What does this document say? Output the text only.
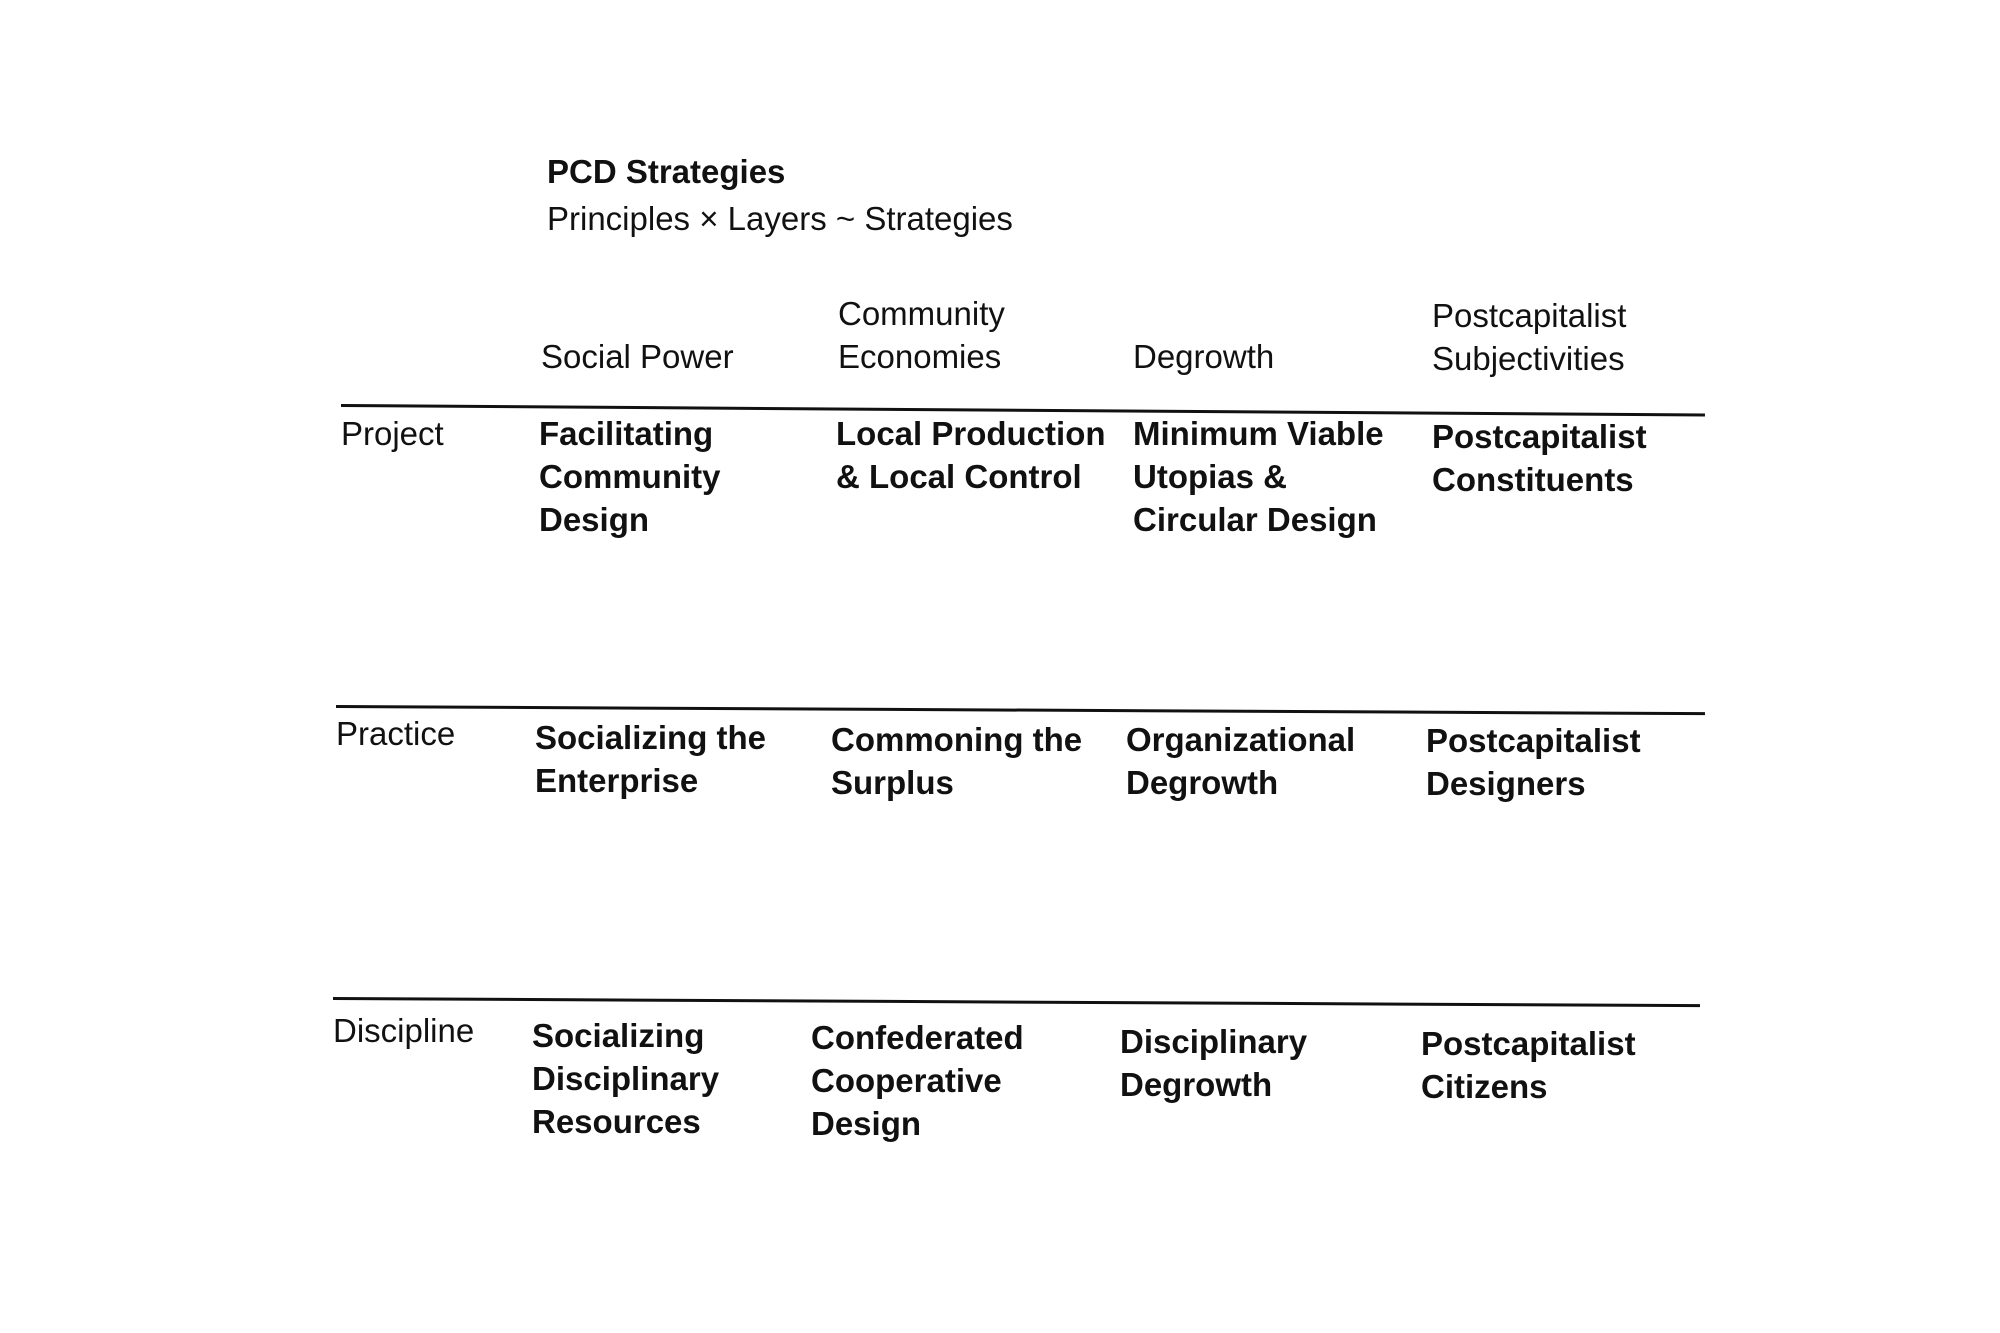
PCD Strategies
Principles × Layers ~ Strategies
Social Power
Community
Economies	Degrowth
Postcapitalist
Subjectivities
Project	Facilitating
Community
Design
Local Production
& Local Control
Minimum Viable
Utopias &
Circular Design
Postcapitalist
Constituents
Practice Socializing the
Enterprise
Commoning the
Surplus
Organizational
Degrowth
Postcapitalist
Designers
Discipline Socializing
Disciplinary
Resources
Confederated
Cooperative
Design
Disciplinary
Degrowth
Postcapitalist
Citizens
